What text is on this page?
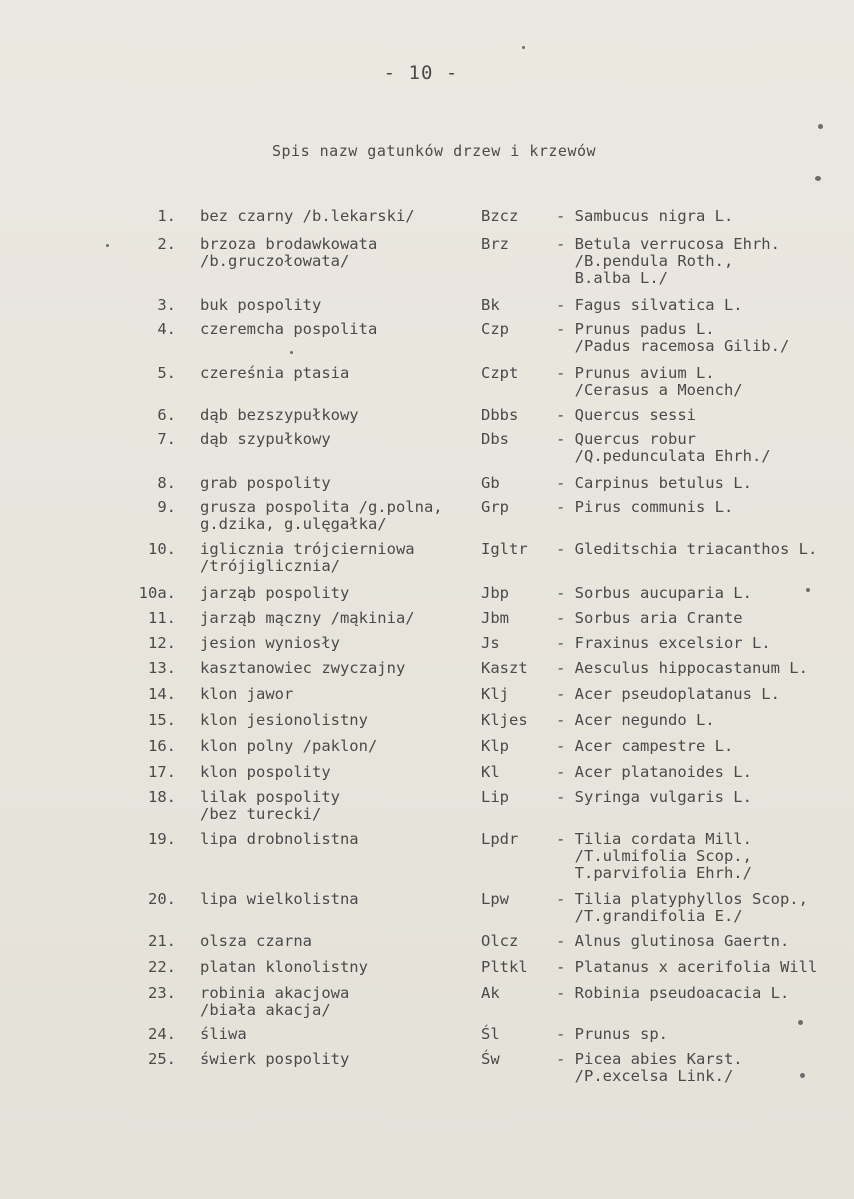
- 10 -
Spis nazw gatunków drzew i krzewów
1. bez czarny /b.lekarski/	Bzcz - Sambucus nigra L.
2. brzoza brodawkowata
/b.gruczołowata/
Brz	- Betula verrucosa Ehrh.
/B.pendula Roth.,
B.alba L./
3. buk pospolity	Bk	- Fagus silvatica L.
4. czeremcha pospolita	Czp	- Prunus padus L.
/Padus racemosa Gilib./
5. czereśnia ptasia	Czpt - Prunus avium L.
/Cerasus a Moench/
6. dąb bezszypułkowy	Dbbs - Quercus sessi
7. dąb szypułkowy	Dbs	- Quercus robur
/Q.pedunculata Ehrh./
8. grab pospolity	Gb	- Carpinus betulus L.
9. grusza pospolita /g.polna,
g.dzika, g.ulęgałka/
Grp	- Pirus communis L.
10. iglicznia trójcierniowa
/trójiglicznia/
Igltr - Gleditschia triacanthos L.
10a. jarząb pospolity	Jbp	- Sorbus aucuparia L.
11. jarząb mączny /mąkinia/	Jbm	- Sorbus aria Crante
12. jesion wyniosły	Js	- Fraxinus excelsior L.
13. kasztanowiec zwyczajny	Kaszt - Aesculus hippocastanum L.
14. klon jawor	Klj	- Acer pseudoplatanus L.
15. klon jesionolistny	Kljes - Acer negundo L.
16. klon polny /paklon/	Klp	- Acer campestre L.
17. klon pospolity	Kl	- Acer platanoides L.
18. lilak pospolity
/bez turecki/
Lip	- Syringa vulgaris L.
19. lipa drobnolistna	Lpdr - Tilia cordata Mill.
/T.ulmifolia Scop.,
T.parvifolia Ehrh./
20. lipa wielkolistna	Lpw	- Tilia platyphyllos Scop.,
/T.grandifolia E./
21. olsza czarna	Olcz - Alnus glutinosa Gaertn.
22. platan klonolistny	Pltkl - Platanus x acerifolia Will
23. robinia akacjowa
/biała akacja/
Ak	- Robinia pseudoacacia L.
24. śliwa	Śl	- Prunus sp.
25. świerk pospolity	Św	- Picea abies Karst.
/P.excelsa Link./
